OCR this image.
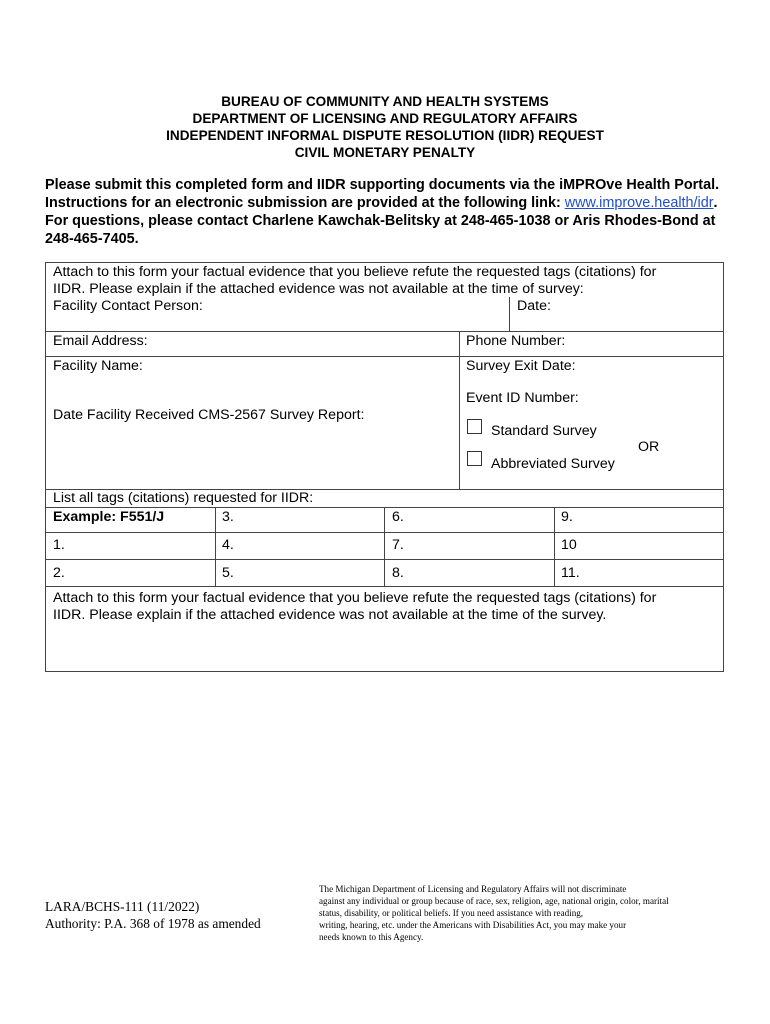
BUREAU OF COMMUNITY AND HEALTH SYSTEMS
DEPARTMENT OF LICENSING AND REGULATORY AFFAIRS
INDEPENDENT INFORMAL DISPUTE RESOLUTION (IIDR) REQUEST
CIVIL MONETARY PENALTY
Please submit this completed form and IIDR supporting documents via the iMPROve Health Portal. Instructions for an electronic submission are provided at the following link: www.improve.health/idr. For questions, please contact Charlene Kawchak-Belitsky at 248-465-1038 or Aris Rhodes-Bond at 248-465-7405.
Attach to this form your factual evidence that you believe refute the requested tags (citations) for
IIDR. Please explain if the attached evidence was not available at the time of survey:
Facility Contact Person:	Date:
Email Address:	Phone Number:
Facility Name:	Survey Exit Date:
Event ID Number:
Date Facility Received CMS-2567 Survey Report:
Standard Survey
OR
Abbreviated Survey
List all tags (citations) requested for IIDR:
Example: F551/J	3.	6.	9.
1.	4.	7.	10
2.	5.	8.	11.
Attach to this form your factual evidence that you believe refute the requested tags (citations) for
IIDR. Please explain if the attached evidence was not available at the time of the survey.
LARA/BCHS-111 (11/2022)
Authority: P.A. 368 of 1978 as amended
The Michigan Department of Licensing and Regulatory Affairs will not discriminate
against any individual or group because of race, sex, religion, age, national origin, color, marital
status, disability, or political beliefs. If you need assistance with reading,
writing, hearing, etc. under the Americans with Disabilities Act, you may make your
needs known to this Agency.
